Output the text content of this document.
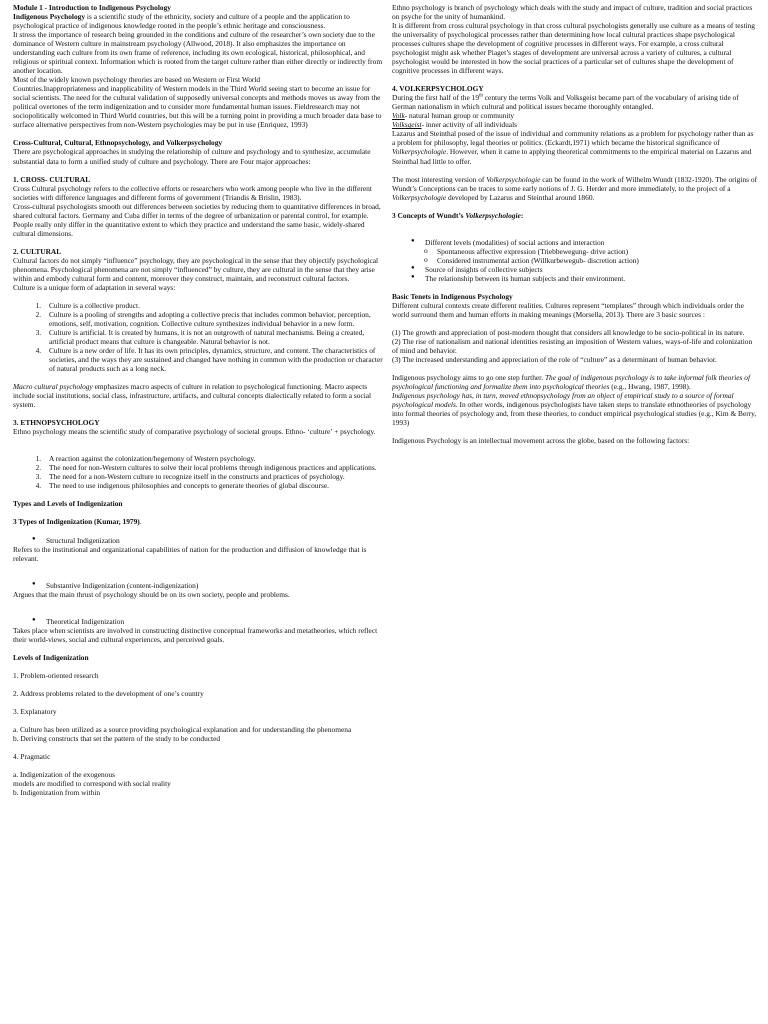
Module 1 - Introduction to Indigenous Psychology

Indigenous Psychology is a scientific study of the ethnicity, society and culture of a people and the application to psychological practice of indigenous knowledge rooted in the people’s ethnic heritage and consciousness.

It stress the importance of research being grounded in the conditions and culture of the researcher’s own society due to the dominance of Western culture in mainstream psychology (Allwood, 2018). It also emphasizes the importance on understanding each culture from its own frame of reference, including its own ecological, historical, philosophical, and religious or spiritual context. Information which is rooted from the target culture rather than either directly or indirectly from another location.

Most of the widely known psychology theories are based on Western or First World

Countries.Inappropriateness and inapplicability of Western models in the Third World seeing start to become an issue for social scientists. The need for the cultural validation of supposedly universal concepts and methods moves us away from the political overtones of the term indigenization and to consider more fundamental human issues. Fieldresearch may not sociopolitically welcomed in Third World countries, but this will be a turning point in providing a much broader data base to surface alternative perspectives from non-Western psychologies may be put in use (Enriquez, 1993)

Cross-Cultural, Cultural, Ethnopsychology, and Volkerpsychology

There are psychological approaches in studying the relationship of culture and psychology and to synthesize, accumulate substantial data to form a unified study of culture and psychology. There are Four major approaches:

1. CROSS- CULTURAL

Cross Cultural psychology refers to the collective efforts or researchers who work among people who live in the different societies with difference languages and different forms of government (Triandis & Brislin, 1983).

Cross-cultural psychologists smooth out differences between societies by reducing them to quantitative differences in broad, shared cultural factors. Germany and Cuba differ in terms of the degree of urbanization or parental control, for example. People really only differ in the quantitative extent to which they practice and understand the same basic, widely-shared cultural dimensions.

2. CULTURAL

Cultural factors do not simply “influence” psychology, they are psychological in the sense that they objectify psychological phenomena. Psychological phenomena are not simply “influenced” by culture, they are cultural in the sense that they arise within and embody cultural form and content, moreover they construct, maintain, and reconstruct cultural factors.

Culture is a unique form of adaptation in several ways:

1. Culture is a collective product.
2. Culture is a pooling of strengths and adopting a collective precis that includes common behavior, perception, emotions, self, motivation, cognition. Collective culture synthesizes individual behavior in a new form.
3. Culture is artificial. It is created by humans, it is not an outgrowth of natural mechanisms. Being a created, artificial product means that culture is changeable. Natural behavior is not.
4. Culture is a new order of life. It has its own principles, dynamics, structure, and content. The characteristics of societies, and the ways they are sustained and changed have nothing in common with the production or character of natural products such as a long neck.

Macro cultural psychology emphasizes macro aspects of culture in relation to psychological functioning. Macro aspects include social institutions, social class, infrastructure, artifacts, and cultural concepts dialectically related to form a social system.

3. ETHNOPSYCHOLOGY

Ethno psychology means the scientific study of comparative psychology of societal groups. Ethno- ‘culture’ + psychology.

1. A reaction against the colonization/hegemony of Western psychology.
2. The need for non-Western cultures to solve their local problems through indigenous practices and applications.
3. The need for a non-Western culture to recognize itself in the constructs and practices of psychology.
4. The need to use indigenous philosophies and concepts to generate theories of global discourse.

Types and Levels of Indigenization

3 Types of Indigenization (Kumar, 1979).

● Structural Indigenization

Refers to the institutional and organizational capabilities of nation for the production and diffusion of knowledge that is relevant.

● Substantive Indigenization (content-indigenization)

Argues that the main thrust of psychology should be on its own society, people and problems.

● Theoretical Indigenization

Takes place when scientists are involved in constructing distinctive conceptual frameworks and metatheories, which reflect their world-views, social and cultural experiences, and perceived goals.

Levels of Indigenization

1. Problem-oriented research

2. Address problems related to the development of one’s country

3. Explanatory

a. Culture has been utilized as a source providing psychological explanation and for understanding the phenomena

b. Deriving constructs that set the pattern of the study to be conducted

4. Pragmatic

a. Indigenization of the exogenous

models are modified to correspond with social reality

b. Indigenization from within

Ethno psychology is branch of psychology which deals with the study and impact of culture, tradition and social practices on psyche for the unity of humankind.

It is different from cross cultural psychology in that cross cultural psychologists generally use culture as a means of testing the universality of psychological processes rather than determining how local cultural practices shape psychological processes cultures shape the development of cognitive processes in different ways. For example, a cross cultural psychologist might ask whether Piaget’s stages of development are universal across a variety of cultures, a cultural psychologist would be interested in how the social practices of a particular set of cultures shape the development of cognitive processes in different ways.

4. VOLKERPSYCHOLOGY

During the first half of the 19th century the terms Volk and Volksgeist became part of the vocabulary of arising tide of German nationalism in which cultural and political issues became thoroughly entangled.

Volk- natural human group or community

Volksgeist- inner activity of all individuals

Lazarus and Steinthal posed of the issue of individual and community relations as a problem for psychology rather than as a problem for philosophy, legal theories or politics. (Eckardt,1971) which became the historical significance of Volkerpsychologie. However, when it came to applying theoretical commitments to the empirical material on Lazarus and Steinthal had little to offer.

The most interesting version of Volkerpsychologie can be found in the work of Wilhelm Wundt (1832-1920). The origins of Wundt’s Conceptions can be traces to some early notions of J. G. Herder and more immediately, to the project of a Volkerpsychologie developed by Lazarus and Steinthal around 1860.

3 Concepts of Wundt’s Volkerpsychologie:

● Different levels (modalities) of social actions and interaction
o Spontaneous affective expression (Triebbewegung- drive action)
o Considered instrumental action (Willkurbewegub- discretion action)
● Source of insights of collective subjects
● The relationship between its human subjects and their environment.

Basic Tenets in Indigenous Psychology

Different cultural contexts create different realities. Cultures represent “templates” through which individuals order the world surround them and human efforts in making meanings (Morsella, 2013). There are 3 basic sources :

(1) The growth and appreciation of post-modern thought that considers all knowledge to be socio-political in its nature.

(2) The rise of nationalism and national identities resisting an imposition of Western values, ways-of-life and colonization of mind and behavior.

(3) The increased understanding and appreciation of the role of “culture” as a determinant of human behavior.

Indigenous psychology aims to go one step further. The goal of indigenous psychology is to take informal folk theories of psychological functioning and formalize them into psychological theories (e.g., Hwang, 1987, 1998).

Indigenous psychology has, in turn, moved ethnopsychology from an object of empirical study to a source of formal psychological models. In other words, indigenous psychologists have taken steps to translate ethnotheories of psychology into formal theories of psychology and, from these theories, to conduct empirical psychological studies (e.g., Kim & Berry, 1993)

Indigenous Psychology is an intellectual movement across the globe, based on the following factors:
